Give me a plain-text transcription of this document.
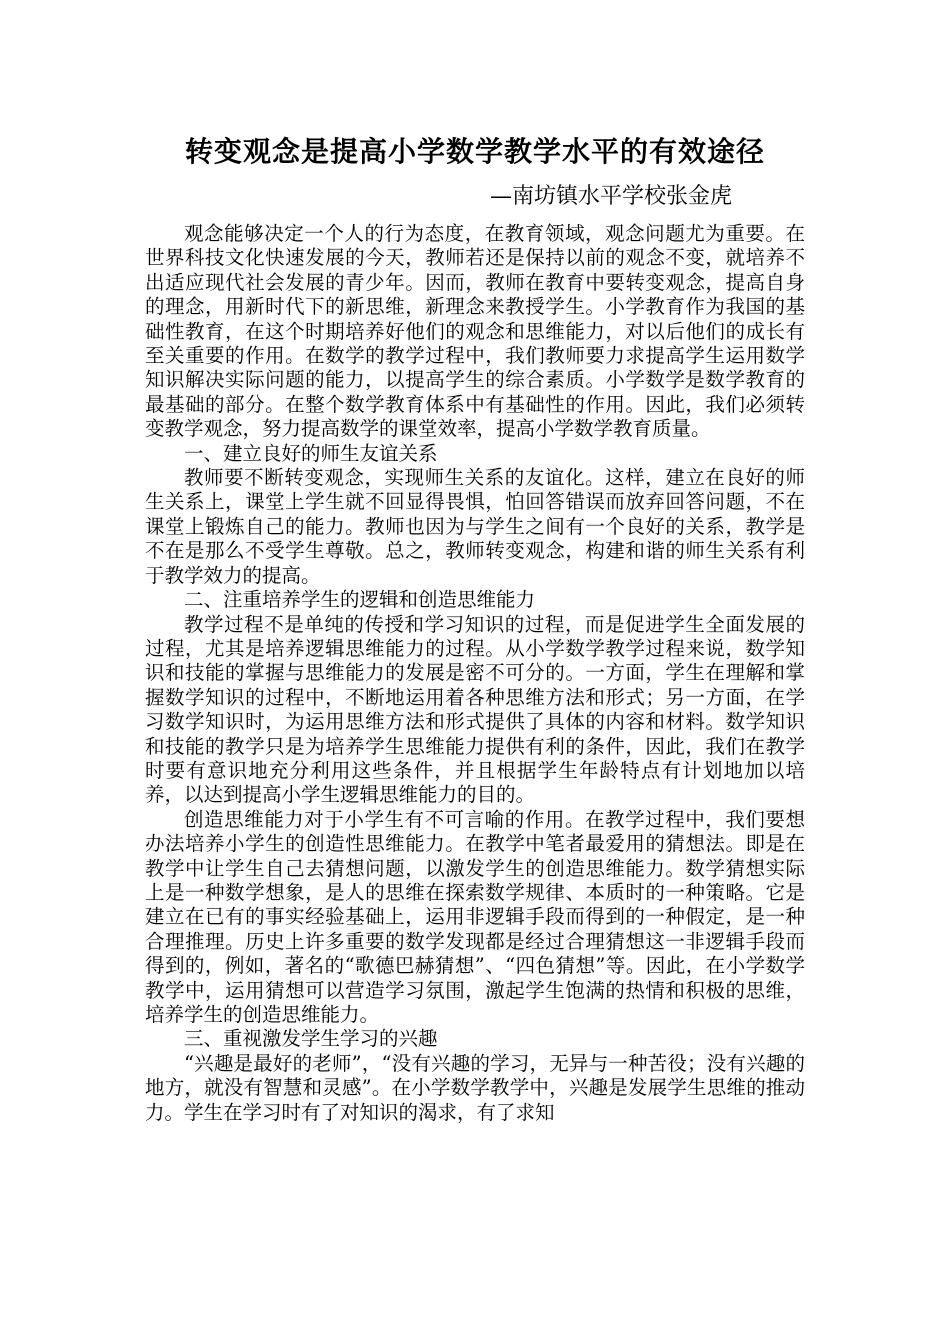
转变观念是提高小学数学教学水平的有效途径
—南坊镇水平学校张金虎

观念能够决定一个人的行为态度，在教育领域，观念问题尤为重要。在世界科技文化快速发展的今天，教师若还是保持以前的观念不变，就培养不出适应现代社会发展的青少年。因而，教师在教育中要转变观念，提高自身的理念，用新时代下的新思维，新理念来教授学生。小学教育作为我国的基础性教育，在这个时期培养好他们的观念和思维能力，对以后他们的成长有至关重要的作用。在数学的教学过程中，我们教师要力求提高学生运用数学知识解决实际问题的能力，以提高学生的综合素质。小学数学是数学教育的最基础的部分。在整个数学教育体系中有基础性的作用。因此，我们必须转变教学观念，努力提高数学的课堂效率，提高小学数学教育质量。

一、建立良好的师生友谊关系

教师要不断转变观念，实现师生关系的友谊化。这样，建立在良好的师生关系上，课堂上学生就不回显得畏惧，怕回答错误而放弃回答问题，不在课堂上锻炼自己的能力。教师也因为与学生之间有一个良好的关系，教学是不在是那么不受学生尊敬。总之，教师转变观念，构建和谐的师生关系有利于教学效力的提高。

二、注重培养学生的逻辑和创造思维能力

教学过程不是单纯的传授和学习知识的过程，而是促进学生全面发展的过程，尤其是培养逻辑思维能力的过程。从小学数学教学过程来说，数学知识和技能的掌握与思维能力的发展是密不可分的。一方面，学生在理解和掌握数学知识的过程中，不断地运用着各种思维方法和形式；另一方面，在学习数学知识时，为运用思维方法和形式提供了具体的内容和材料。数学知识和技能的教学只是为培养学生思维能力提供有利的条件，因此，我们在教学时要有意识地充分利用这些条件，并且根据学生年龄特点有计划地加以培养，以达到提高小学生逻辑思维能力的目的。

创造思维能力对于小学生有不可言喻的作用。在教学过程中，我们要想办法培养小学生的创造性思维能力。在教学中笔者最爱用的猜想法。即是在教学中让学生自己去猜想问题，以激发学生的创造思维能力。数学猜想实际上是一种数学想象，是人的思维在探索数学规律、本质时的一种策略。它是建立在已有的事实经验基础上，运用非逻辑手段而得到的一种假定，是一种合理推理。历史上许多重要的数学发现都是经过合理猜想这一非逻辑手段而得到的，例如，著名的“歌德巴赫猜想”、“四色猜想”等。因此，在小学数学教学中，运用猜想可以营造学习氛围，激起学生饱满的热情和积极的思维，培养学生的创造思维能力。

三、重视激发学生学习的兴趣

“兴趣是最好的老师”，“没有兴趣的学习，无异与一种苦役；没有兴趣的地方，就没有智慧和灵感”。在小学数学教学中，兴趣是发展学生思维的推动力。学生在学习时有了对知识的渴求，有了求知
